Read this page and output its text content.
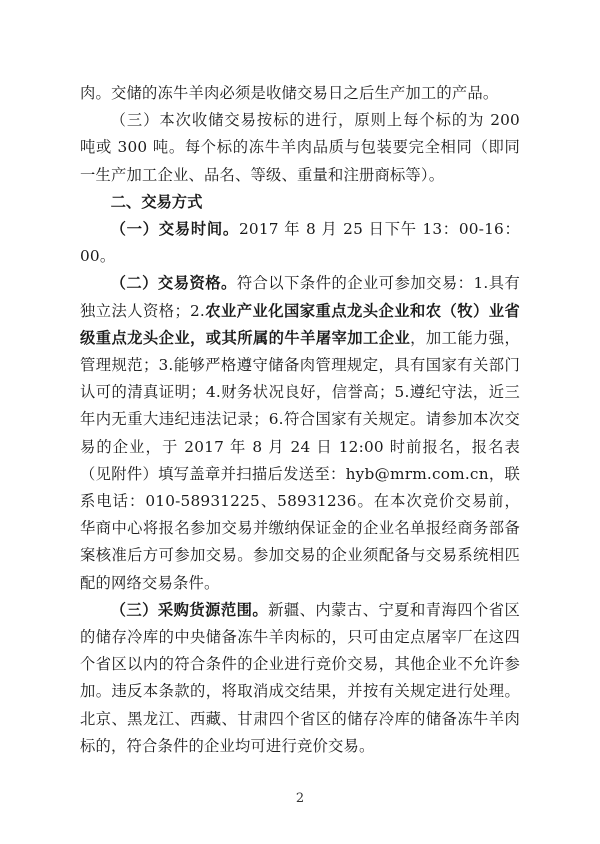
肉。交储的冻牛羊肉必须是收储交易日之后生产加工的产品。

（三）本次收储交易按标的进行，原则上每个标的为 200 吨或 300 吨。每个标的冻牛羊肉品质与包装要完全相同（即同一生产加工企业、品名、等级、重量和注册商标等）。

二、交易方式

（一）交易时间。2017 年 8 月 25 日下午 13：00-16：00。

（二）交易资格。符合以下条件的企业可参加交易：1.具有独立法人资格；2.农业产业化国家重点龙头企业和农（牧）业省级重点龙头企业，或其所属的牛羊屠宰加工企业，加工能力强，管理规范；3.能够严格遵守储备肉管理规定，具有国家有关部门认可的清真证明；4.财务状况良好，信誉高；5.遵纪守法，近三年内无重大违纪违法记录；6.符合国家有关规定。请参加本次交易的企业，于 2017 年 8 月 24 日 12:00 时前报名，报名表（见附件）填写盖章并扫描后发送至：hyb@mrm.com.cn，联系电话：010-58931225、58931236。在本次竞价交易前，华商中心将报名参加交易并缴纳保证金的企业名单报经商务部备案核准后方可参加交易。参加交易的企业须配备与交易系统相匹配的网络交易条件。

（三）采购货源范围。新疆、内蒙古、宁夏和青海四个省区的储存冷库的中央储备冻牛羊肉标的，只可由定点屠宰厂在这四个省区以内的符合条件的企业进行竞价交易，其他企业不允许参加。违反本条款的，将取消成交结果，并按有关规定进行处理。北京、黑龙江、西藏、甘肃四个省区的储存冷库的储备冻牛羊肉标的，符合条件的企业均可进行竞价交易。

2
